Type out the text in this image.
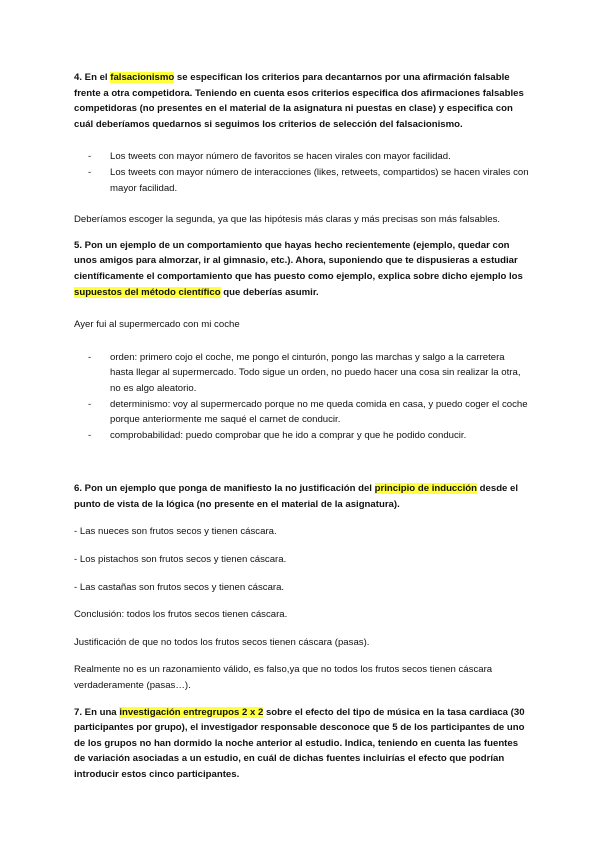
4. En el falsacionismo se especifican los criterios para decantarnos por una afirmación falsable frente a otra competidora. Teniendo en cuenta esos criterios especifica dos afirmaciones falsables competidoras (no presentes en el material de la asignatura ni puestas en clase) y especifica con cuál deberíamos quedarnos si seguimos los criterios de selección del falsacionismo.

- Los tweets con mayor número de favoritos se hacen virales con mayor facilidad.
- Los tweets con mayor número de interacciones (likes, retweets, compartidos) se hacen virales con mayor facilidad.

Deberíamos escoger la segunda, ya que las hipótesis más claras y más precisas son más falsables.

5. Pon un ejemplo de un comportamiento que hayas hecho recientemente (ejemplo, quedar con unos amigos para almorzar, ir al gimnasio, etc.). Ahora, suponiendo que te dispusieras a estudiar científicamente el comportamiento que has puesto como ejemplo, explica sobre dicho ejemplo los supuestos del método científico que deberías asumir.

Ayer fui al supermercado con mi coche

- orden: primero cojo el coche, me pongo el cinturón, pongo las marchas y salgo a la carretera hasta llegar al supermercado. Todo sigue un orden, no puedo hacer una cosa sin realizar la otra, no es algo aleatorio.
- determinismo: voy al supermercado porque no me queda comida en casa, y puedo coger el coche porque anteriormente me saqué el carnet de conducir.
- comprobabilidad: puedo comprobar que he ido a comprar y que he podido conducir.

6. Pon un ejemplo que ponga de manifiesto la no justificación del principio de inducción desde el punto de vista de la lógica (no presente en el material de la asignatura).

- Las nueces son frutos secos y tienen cáscara.

- Los pistachos son frutos secos y tienen cáscara.

- Las castañas son frutos secos y tienen cáscara.

Conclusión: todos los frutos secos tienen cáscara.

Justificación de que no todos los frutos secos tienen cáscara (pasas).

Realmente no es un razonamiento válido, es falso,ya que no todos los frutos secos tienen cáscara verdaderamente (pasas…).

7. En una investigación entregrupos 2 x 2 sobre el efecto del tipo de música en la tasa cardiaca (30 participantes por grupo), el investigador responsable desconoce que 5 de los participantes de uno de los grupos no han dormido la noche anterior al estudio. Indica, teniendo en cuenta las fuentes de variación asociadas a un estudio, en cuál de dichas fuentes incluirías el efecto que podrían introducir estos cinco participantes.
